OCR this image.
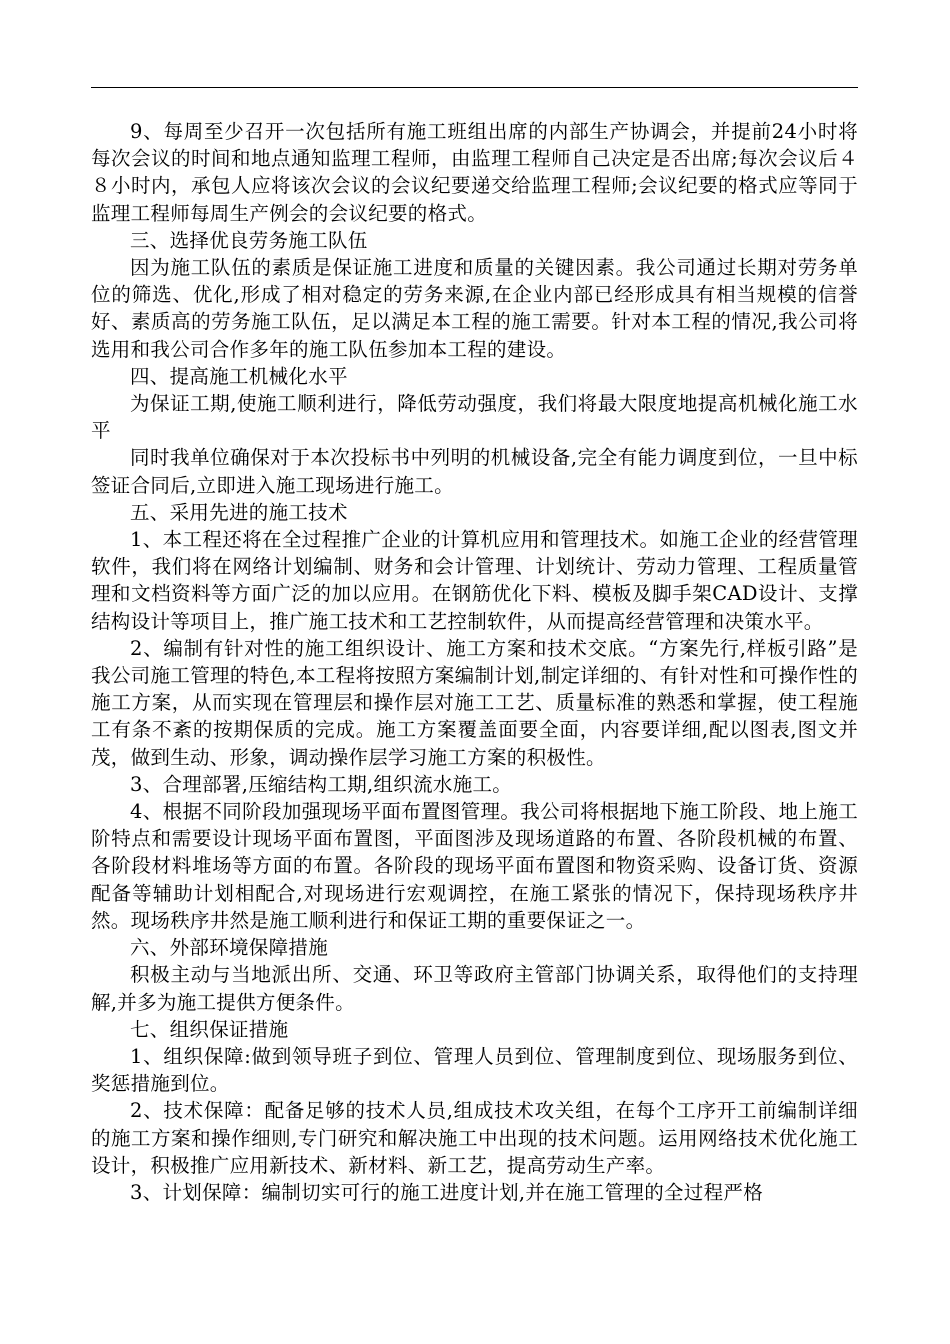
9、每周至少召开一次包括所有施工班组出席的内部生产协调会，并提前24小时将每次会议的时间和地点通知监理工程师，由监理工程师自己决定是否出席;每次会议后４８小时内，承包人应将该次会议的会议纪要递交给监理工程师;会议纪要的格式应等同于监理工程师每周生产例会的会议纪要的格式。

三、选择优良劳务施工队伍

因为施工队伍的素质是保证施工进度和质量的关键因素。我公司通过长期对劳务单位的筛选、优化,形成了相对稳定的劳务来源,在企业内部已经形成具有相当规模的信誉好、素质高的劳务施工队伍，足以满足本工程的施工需要。针对本工程的情况,我公司将选用和我公司合作多年的施工队伍参加本工程的建设。

四、提高施工机械化水平

为保证工期,使施工顺利进行，降低劳动强度，我们将最大限度地提高机械化施工水平

同时我单位确保对于本次投标书中列明的机械设备,完全有能力调度到位，一旦中标签证合同后,立即进入施工现场进行施工。

五、采用先进的施工技术

1、本工程还将在全过程推广企业的计算机应用和管理技术。如施工企业的经营管理软件，我们将在网络计划编制、财务和会计管理、计划统计、劳动力管理、工程质量管理和文档资料等方面广泛的加以应用。在钢筋优化下料、模板及脚手架CAD设计、支撑结构设计等项目上，推广施工技术和工艺控制软件，从而提高经营管理和决策水平。

2、编制有针对性的施工组织设计、施工方案和技术交底。“方案先行,样板引路”是我公司施工管理的特色,本工程将按照方案编制计划,制定详细的、有针对性和可操作性的施工方案，从而实现在管理层和操作层对施工工艺、质量标准的熟悉和掌握，使工程施工有条不紊的按期保质的完成。施工方案覆盖面要全面，内容要详细,配以图表,图文并茂，做到生动、形象，调动操作层学习施工方案的积极性。

3、合理部署,压缩结构工期,组织流水施工。

4、根据不同阶段加强现场平面布置图管理。我公司将根据地下施工阶段、地上施工阶特点和需要设计现场平面布置图，平面图涉及现场道路的布置、各阶段机械的布置、各阶段材料堆场等方面的布置。各阶段的现场平面布置图和物资采购、设备订货、资源配备等辅助计划相配合,对现场进行宏观调控，在施工紧张的情况下，保持现场秩序井然。现场秩序井然是施工顺利进行和保证工期的重要保证之一。

六、外部环境保障措施

积极主动与当地派出所、交通、环卫等政府主管部门协调关系，取得他们的支持理解,并多为施工提供方便条件。

七、组织保证措施

1、组织保障:做到领导班子到位、管理人员到位、管理制度到位、现场服务到位、奖惩措施到位。

2、技术保障：配备足够的技术人员,组成技术攻关组，在每个工序开工前编制详细的施工方案和操作细则,专门研究和解决施工中出现的技术问题。运用网络技术优化施工设计，积极推广应用新技术、新材料、新工艺，提高劳动生产率。

3、计划保障：编制切实可行的施工进度计划,并在施工管理的全过程严格
